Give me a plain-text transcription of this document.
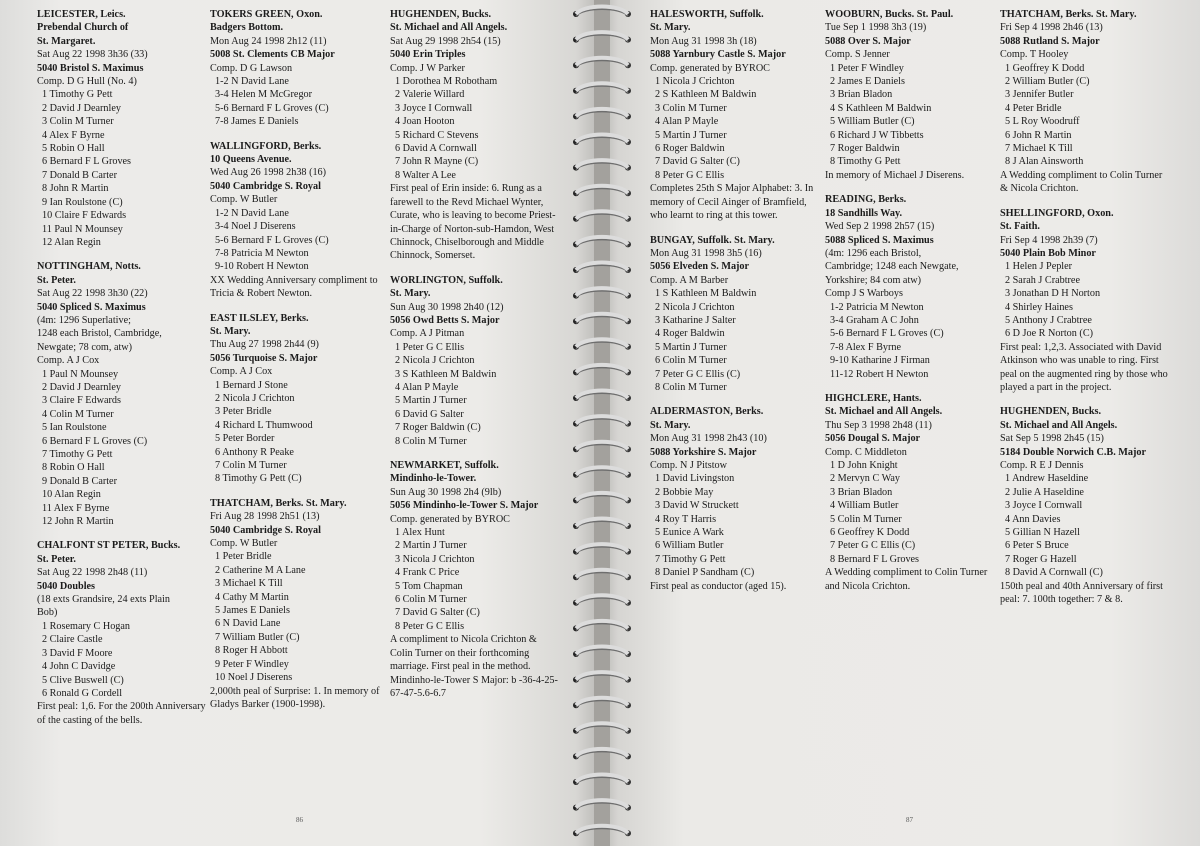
LEICESTER, Leics.
Prebendal Church of
St. Margaret.
Sat Aug 22 1998 3h36 (33)
5040 Bristol S. Maximus
Comp. D G Hull (No. 4)
1 Timothy G Pett
2 David J Dearnley
3 Colin M Turner
4 Alex F Byrne
5 Robin O Hall
6 Bernard F L Groves
7 Donald B Carter
8 John R Martin
9 Ian Roulstone (C)
10 Claire F Edwards
11 Paul N Mounsey
12 Alan Regin
NOTTINGHAM, Notts.
St. Peter.
Sat Aug 22 1998 3h30 (22)
5040 Spliced S. Maximus
(4m: 1296 Superlative;
1248 each Bristol, Cambridge,
Newgate; 78 com, atw)
Comp. A J Cox
1 Paul N Mounsey
2 David J Dearnley
3 Claire F Edwards
4 Colin M Turner
5 Ian Roulstone
6 Bernard F L Groves (C)
7 Timothy G Pett
8 Robin O Hall
9 Donald B Carter
10 Alan Regin
11 Alex F Byrne
12 John R Martin
CHALFONT ST PETER, Bucks.
St. Peter.
Sat Aug 22 1998 2h48 (11)
5040 Doubles
(18 exts Grandsire, 24 exts Plain
Bob)
1 Rosemary C Hogan
2 Claire Castle
3 David F Moore
4 John C Davidge
5 Clive Buswell (C)
6 Ronald G Cordell
First peal: 1,6. For the 200th Anniversary of the casting of the bells.
TOKERS GREEN, Oxon.
Badgers Bottom.
Mon Aug 24 1998 2h12 (11)
5008 St. Clements CB Major
Comp. D G Lawson
1-2 N David Lane
3-4 Helen M McGregor
5-6 Bernard F L Groves (C)
7-8 James E Daniels
WALLINGFORD, Berks.
10 Queens Avenue.
Wed Aug 26 1998 2h38 (16)
5040 Cambridge S. Royal
Comp. W Butler
1-2 N David Lane
3-4 Noel J Diserens
5-6 Bernard F L Groves (C)
7-8 Patricia M Newton
9-10 Robert H Newton
XX Wedding Anniversary compliment to Tricia & Robert Newton.
EAST ILSLEY, Berks.
St. Mary.
Thu Aug 27 1998 2h44 (9)
5056 Turquoise S. Major
Comp. A J Cox
1 Bernard J Stone
2 Nicola J Crichton
3 Peter Bridle
4 Richard L Thumwood
5 Peter Border
6 Anthony R Peake
7 Colin M Turner
8 Timothy G Pett (C)
THATCHAM, Berks. St. Mary.
Fri Aug 28 1998 2h51 (13)
5040 Cambridge S. Royal
Comp. W Butler
1 Peter Bridle
2 Catherine M A Lane
3 Michael K Till
4 Cathy M Martin
5 James E Daniels
6 N David Lane
7 William Butler (C)
8 Roger H Abbott
9 Peter F Windley
10 Noel J Diserens
2,000th peal of Surprise: 1. In memory of Gladys Barker (1900-1998).
HUGHENDEN, Bucks.
St. Michael and All Angels.
Sat Aug 29 1998 2h54 (15)
5040 Erin Triples
Comp. J W Parker
1 Dorothea M Robotham
2 Valerie Willard
3 Joyce I Cornwall
4 Joan Hooton
5 Richard C Stevens
6 David A Cornwall
7 John R Mayne (C)
8 Walter A Lee
First peal of Erin inside: 6. Rung as a farewell to the Revd Michael Wynter, Curate, who is leaving to become Priest-in-Charge of Norton-sub-Hamdon, West Chinnock, Chiselborough and Middle Chinnock, Somerset.
WORLINGTON, Suffolk.
St. Mary.
Sun Aug 30 1998 2h40 (12)
5056 Owd Betts S. Major
Comp. A J Pitman
1 Peter G C Ellis
2 Nicola J Crichton
3 S Kathleen M Baldwin
4 Alan P Mayle
5 Martin J Turner
6 David G Salter
7 Roger Baldwin (C)
8 Colin M Turner
NEWMARKET, Suffolk.
Mindinho-le-Tower.
Sun Aug 30 1998 2h4 (9lb)
5056 Mindinho-le-Tower S. Major
Comp. generated by BYROC
1 Alex Hunt
2 Martin J Turner
3 Nicola J Crichton
4 Frank C Price
5 Tom Chapman
6 Colin M Turner
7 David G Salter (C)
8 Peter G C Ellis
A compliment to Nicola Crichton & Colin Turner on their forthcoming marriage. First peal in the method. Mindinho-le-Tower S Major: b -36-4-25-67-47-5.6-6.7
HALESWORTH, Suffolk.
St. Mary.
Mon Aug 31 1998 3h (18)
5088 Yarnbury Castle S. Major
Comp. generated by BYROC
1 Nicola J Crichton
2 S Kathleen M Baldwin
3 Colin M Turner
4 Alan P Mayle
5 Martin J Turner
6 Roger Baldwin
7 David G Salter (C)
8 Peter G C Ellis
Completes 25th S Major Alphabet: 3. In memory of Cecil Ainger of Bramfield, who learnt to ring at this tower.
BUNGAY, Suffolk. St. Mary.
Mon Aug 31 1998 3h5 (16)
5056 Elveden S. Major
Comp. A M Barber
1 S Kathleen M Baldwin
2 Nicola J Crichton
3 Katharine J Salter
4 Roger Baldwin
5 Martin J Turner
6 Colin M Turner
7 Peter G C Ellis (C)
8 Colin M Turner
ALDERMASTON, Berks.
St. Mary.
Mon Aug 31 1998 2h43 (10)
5088 Yorkshire S. Major
Comp. N J Pitstow
1 David Livingston
2 Bobbie May
3 David W Struckett
4 Roy T Harris
5 Eunice A Wark
6 William Butler
7 Timothy G Pett
8 Daniel P Sandham (C)
First peal as conductor (aged 15).
WOOBURN, Bucks. St. Paul.
Tue Sep 1 1998 3h3 (19)
5088 Over S. Major
Comp. S Jenner
1 Peter F Windley
2 James E Daniels
3 Brian Bladon
4 S Kathleen M Baldwin
5 William Butler (C)
6 Richard J W Tibbetts
7 Roger Baldwin
8 Timothy G Pett
In memory of Michael J Diserens.
READING, Berks.
18 Sandhills Way.
Wed Sep 2 1998 2h57 (15)
5088 Spliced S. Maximus
(4m: 1296 each Bristol,
Cambridge; 1248 each Newgate,
Yorkshire; 84 com atw)
Comp J S Warboys
1-2 Patricia M Newton
3-4 Graham A C John
5-6 Bernard F L Groves (C)
7-8 Alex F Byrne
9-10 Katharine J Firman
11-12 Robert H Newton
HIGHCLERE, Hants.
St. Michael and All Angels.
Thu Sep 3 1998 2h48 (11)
5056 Dougal S. Major
Comp. C Middleton
1 D John Knight
2 Mervyn C Way
3 Brian Bladon
4 William Butler
5 Colin M Turner
6 Geoffrey K Dodd
7 Peter G C Ellis (C)
8 Bernard F L Groves
A Wedding compliment to Colin Turner and Nicola Crichton.
THATCHAM, Berks. St. Mary.
Fri Sep 4 1998 2h46 (13)
5088 Rutland S. Major
Comp. T Hooley
1 Geoffrey K Dodd
2 William Butler (C)
3 Jennifer Butler
4 Peter Bridle
5 L Roy Woodruff
6 John R Martin
7 Michael K Till
8 J Alan Ainsworth
A Wedding compliment to Colin Turner & Nicola Crichton.
SHELLINGFORD, Oxon.
St. Faith.
Fri Sep 4 1998 2h39 (7)
5040 Plain Bob Minor
1 Helen J Pepler
2 Sarah J Crabtree
3 Jonathan D H Norton
4 Shirley Haines
5 Anthony J Crabtree
6 D Joe R Norton (C)
First peal: 1,2,3. Associated with David Atkinson who was unable to ring. First peal on the augmented ring by those who played a part in the project.
HUGHENDEN, Bucks.
St. Michael and All Angels.
Sat Sep 5 1998 2h45 (15)
5184 Double Norwich C.B. Major
Comp. R E J Dennis
1 Andrew Haseldine
2 Julie A Haseldine
3 Joyce I Cornwall
4 Ann Davies
5 Gillian N Hazell
6 Peter S Bruce
7 Roger G Hazell
8 David A Cornwall (C)
150th peal and 40th Anniversary of first peal: 7. 100th together: 7 & 8.
86	87
